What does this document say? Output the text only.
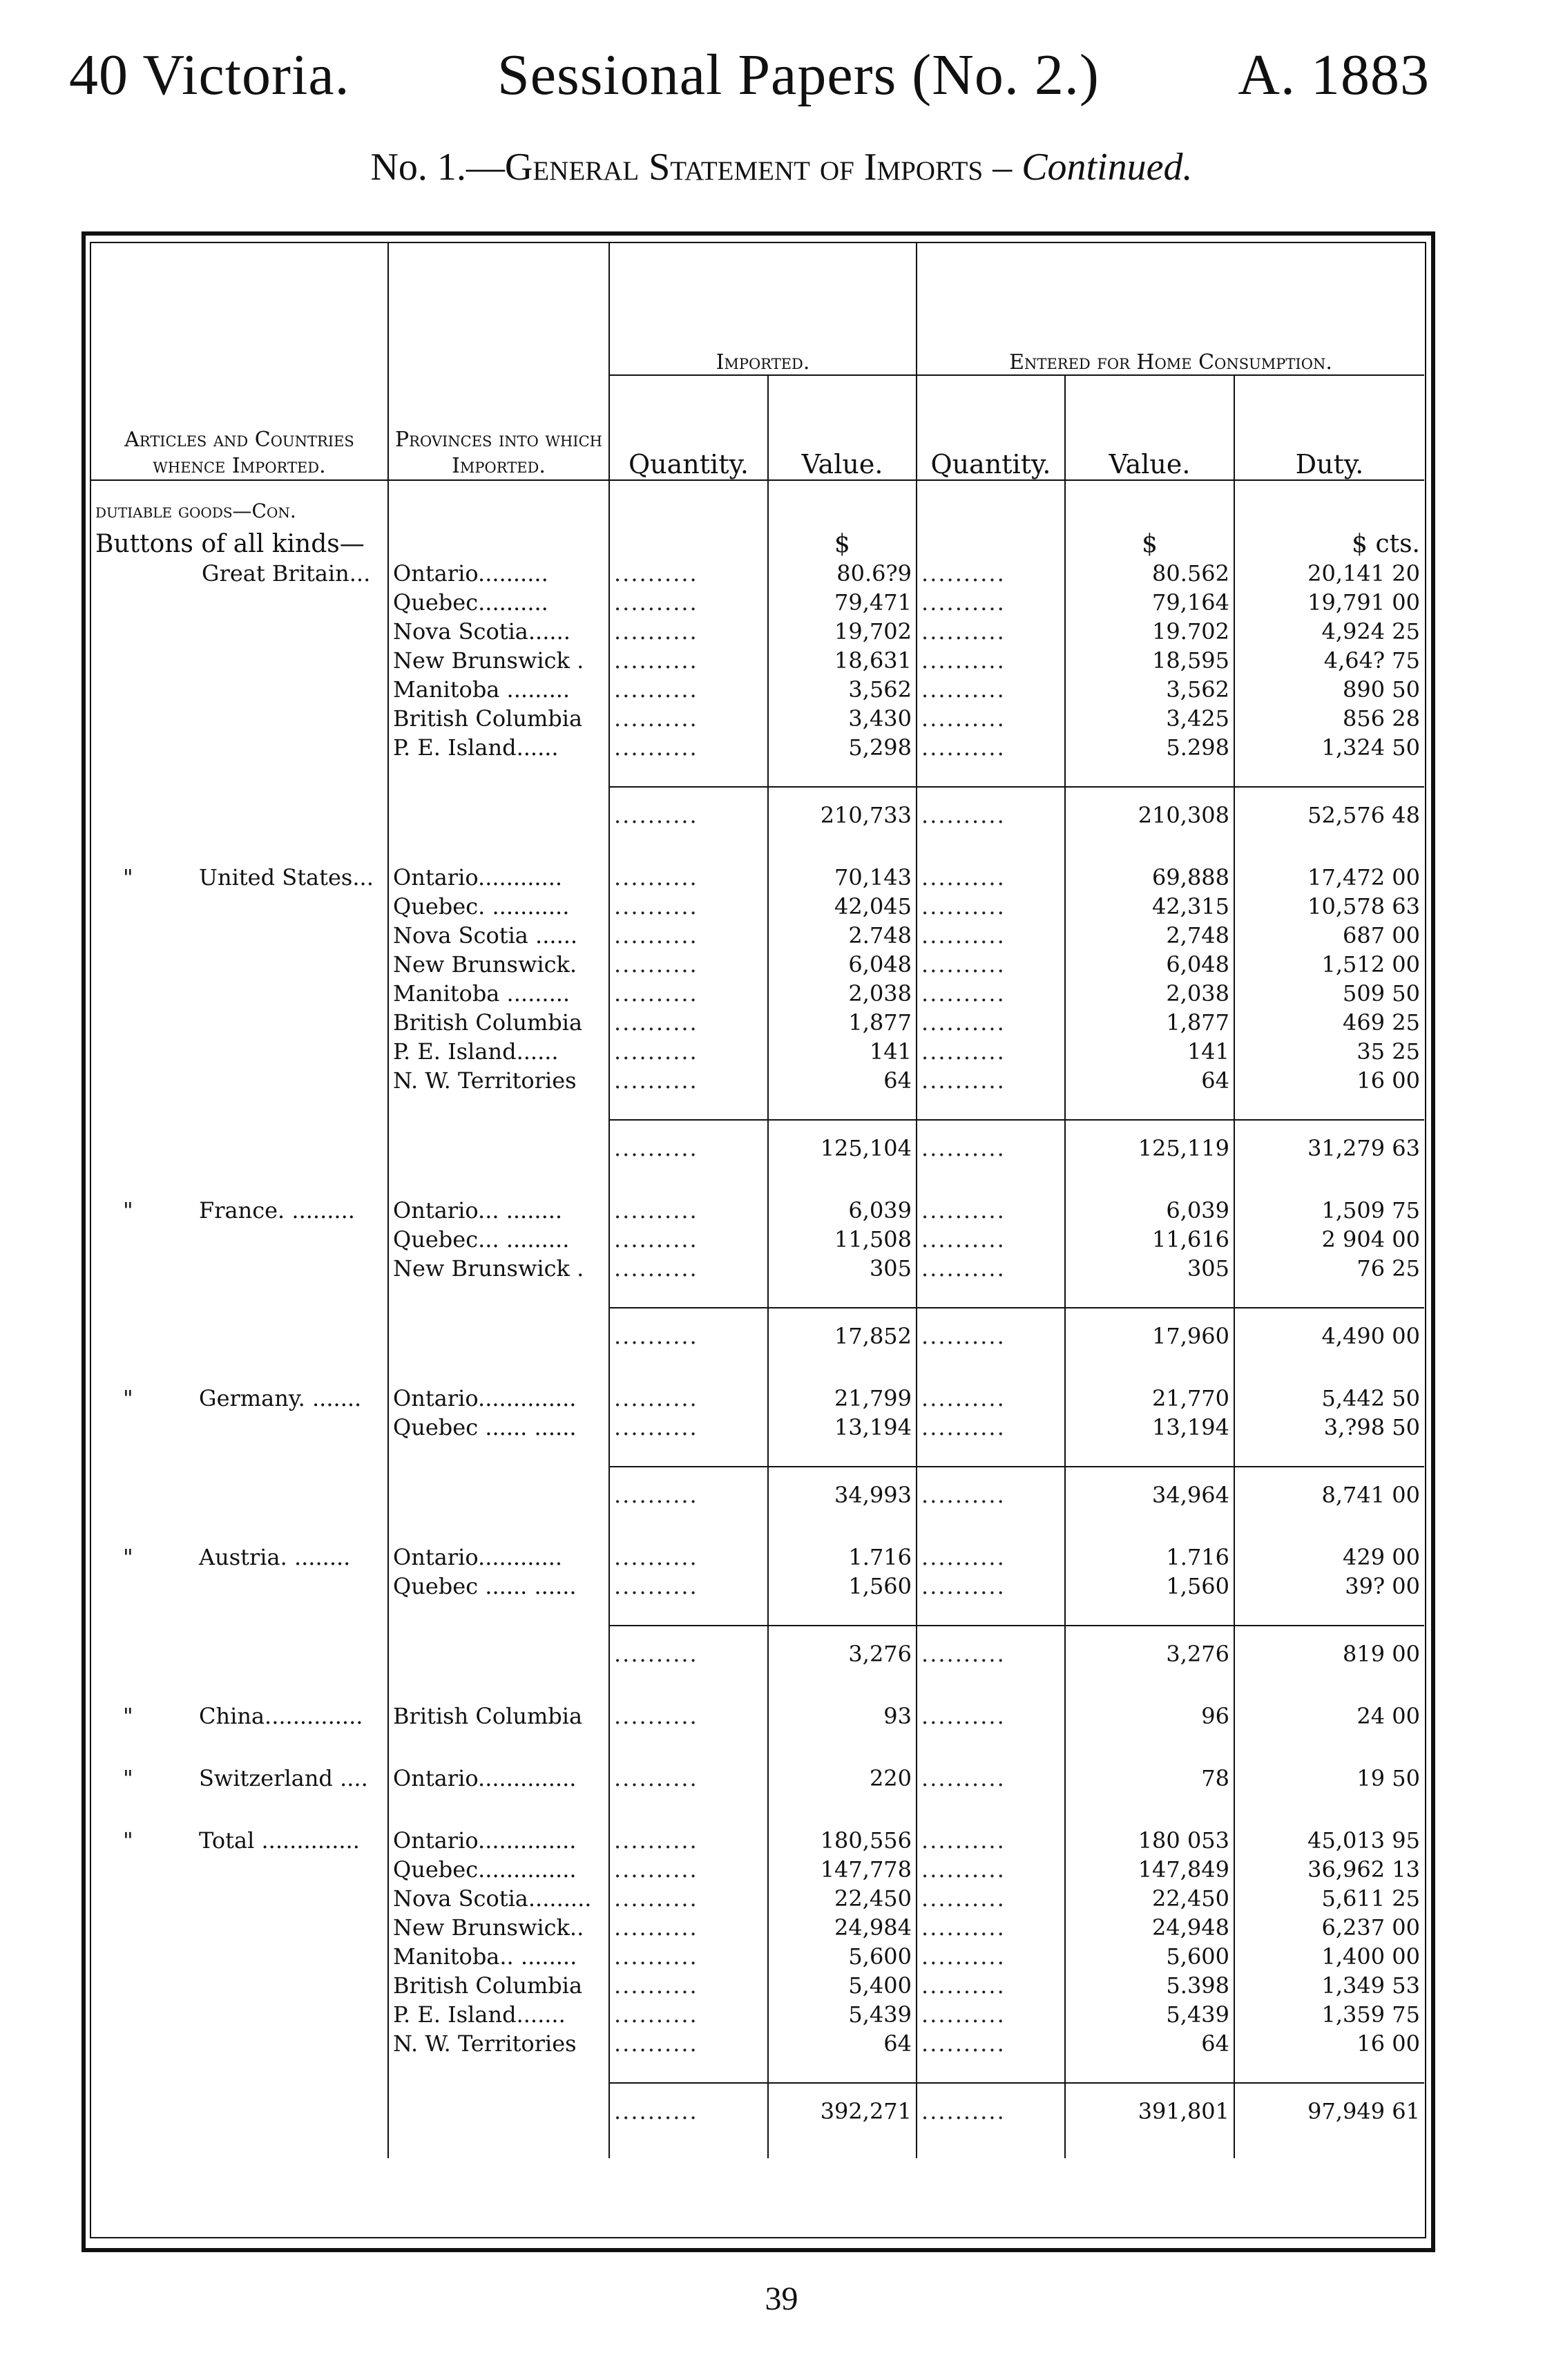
40 Victoria.	Sessional Papers (No. 2.) A. 1883
No. 1.—General Statement of Imports – Continued.
Articles and Countries whence Imported.	Provinces into which Imported.	Imported.		Entered for Home Consumption.		
		Quantity.	Value.	Quantity.	Value.	Duty.
dutiable goods—Con.						
Buttons of all kinds—			$		$	$ cts.
Great Britain...	Ontario..........	..........	80.6?9	..........	80.562	20,141 20
	Quebec..........	..........	79,471	..........	79,164	19,791 00
	Nova Scotia......	..........	19,702	..........	19.702	4,924 25
	New Brunswick .	..........	18,631	..........	18,595	4,64? 75
	Manitoba .........	..........	3,562	..........	3,562	890 50
	British Columbia	..........	3,430	..........	3,425	856 28
	P. E. Island......	..........	5,298	..........	5.298	1,324 50

		..........	210,733	..........	210,308	52,576 48

" United States...	Ontario............	..........	70,143	..........	69,888	17,472 00
	Quebec. ...........	..........	42,045	..........	42,315	10,578 63
	Nova Scotia ......	..........	2.748	..........	2,748	687 00
	New Brunswick.	..........	6,048	..........	6,048	1,512 00
	Manitoba .........	..........	2,038	..........	2,038	509 50
	British Columbia	..........	1,877	..........	1,877	469 25
	P. E. Island......	..........	141	..........	141	35 25
	N. W. Territories	..........	64	..........	64	16 00

		..........	125,104	..........	125,119	31,279 63

" France. .........	Ontario... ........	..........	6,039	..........	6,039	1,509 75
	Quebec... .........	..........	11,508	..........	11,616	2 904 00
	New Brunswick .	..........	305	..........	305	76 25

		..........	17,852	..........	17,960	4,490 00

" Germany. .......	Ontario..............	..........	21,799	..........	21,770	5,442 50
	Quebec ...... ......	..........	13,194	..........	13,194	3,?98 50

		..........	34,993	..........	34,964	8,741 00

" Austria. ........	Ontario............	..........	1.716	..........	1.716	429 00
	Quebec ...... ......	..........	1,560	..........	1,560	39? 00

		..........	3,276	..........	3,276	819 00

" China..............	British Columbia	..........	93	..........	96	24 00

" Switzerland ....	Ontario..............	..........	220	..........	78	19 50

" Total ..............	Ontario..............	..........	180,556	..........	180 053	45,013 95
	Quebec..............	..........	147,778	..........	147,849	36,962 13
	Nova Scotia.........	..........	22,450	..........	22,450	5,611 25
	New Brunswick..	..........	24,984	..........	24,948	6,237 00
	Manitoba.. ........	..........	5,600	..........	5,600	1,400 00
	British Columbia	..........	5,400	..........	5.398	1,349 53
	P. E. Island.......	..........	5,439	..........	5,439	1,359 75
	N. W. Territories	..........	64	..........	64	16 00

		..........	392,271	..........	391,801	97,949 61

39
